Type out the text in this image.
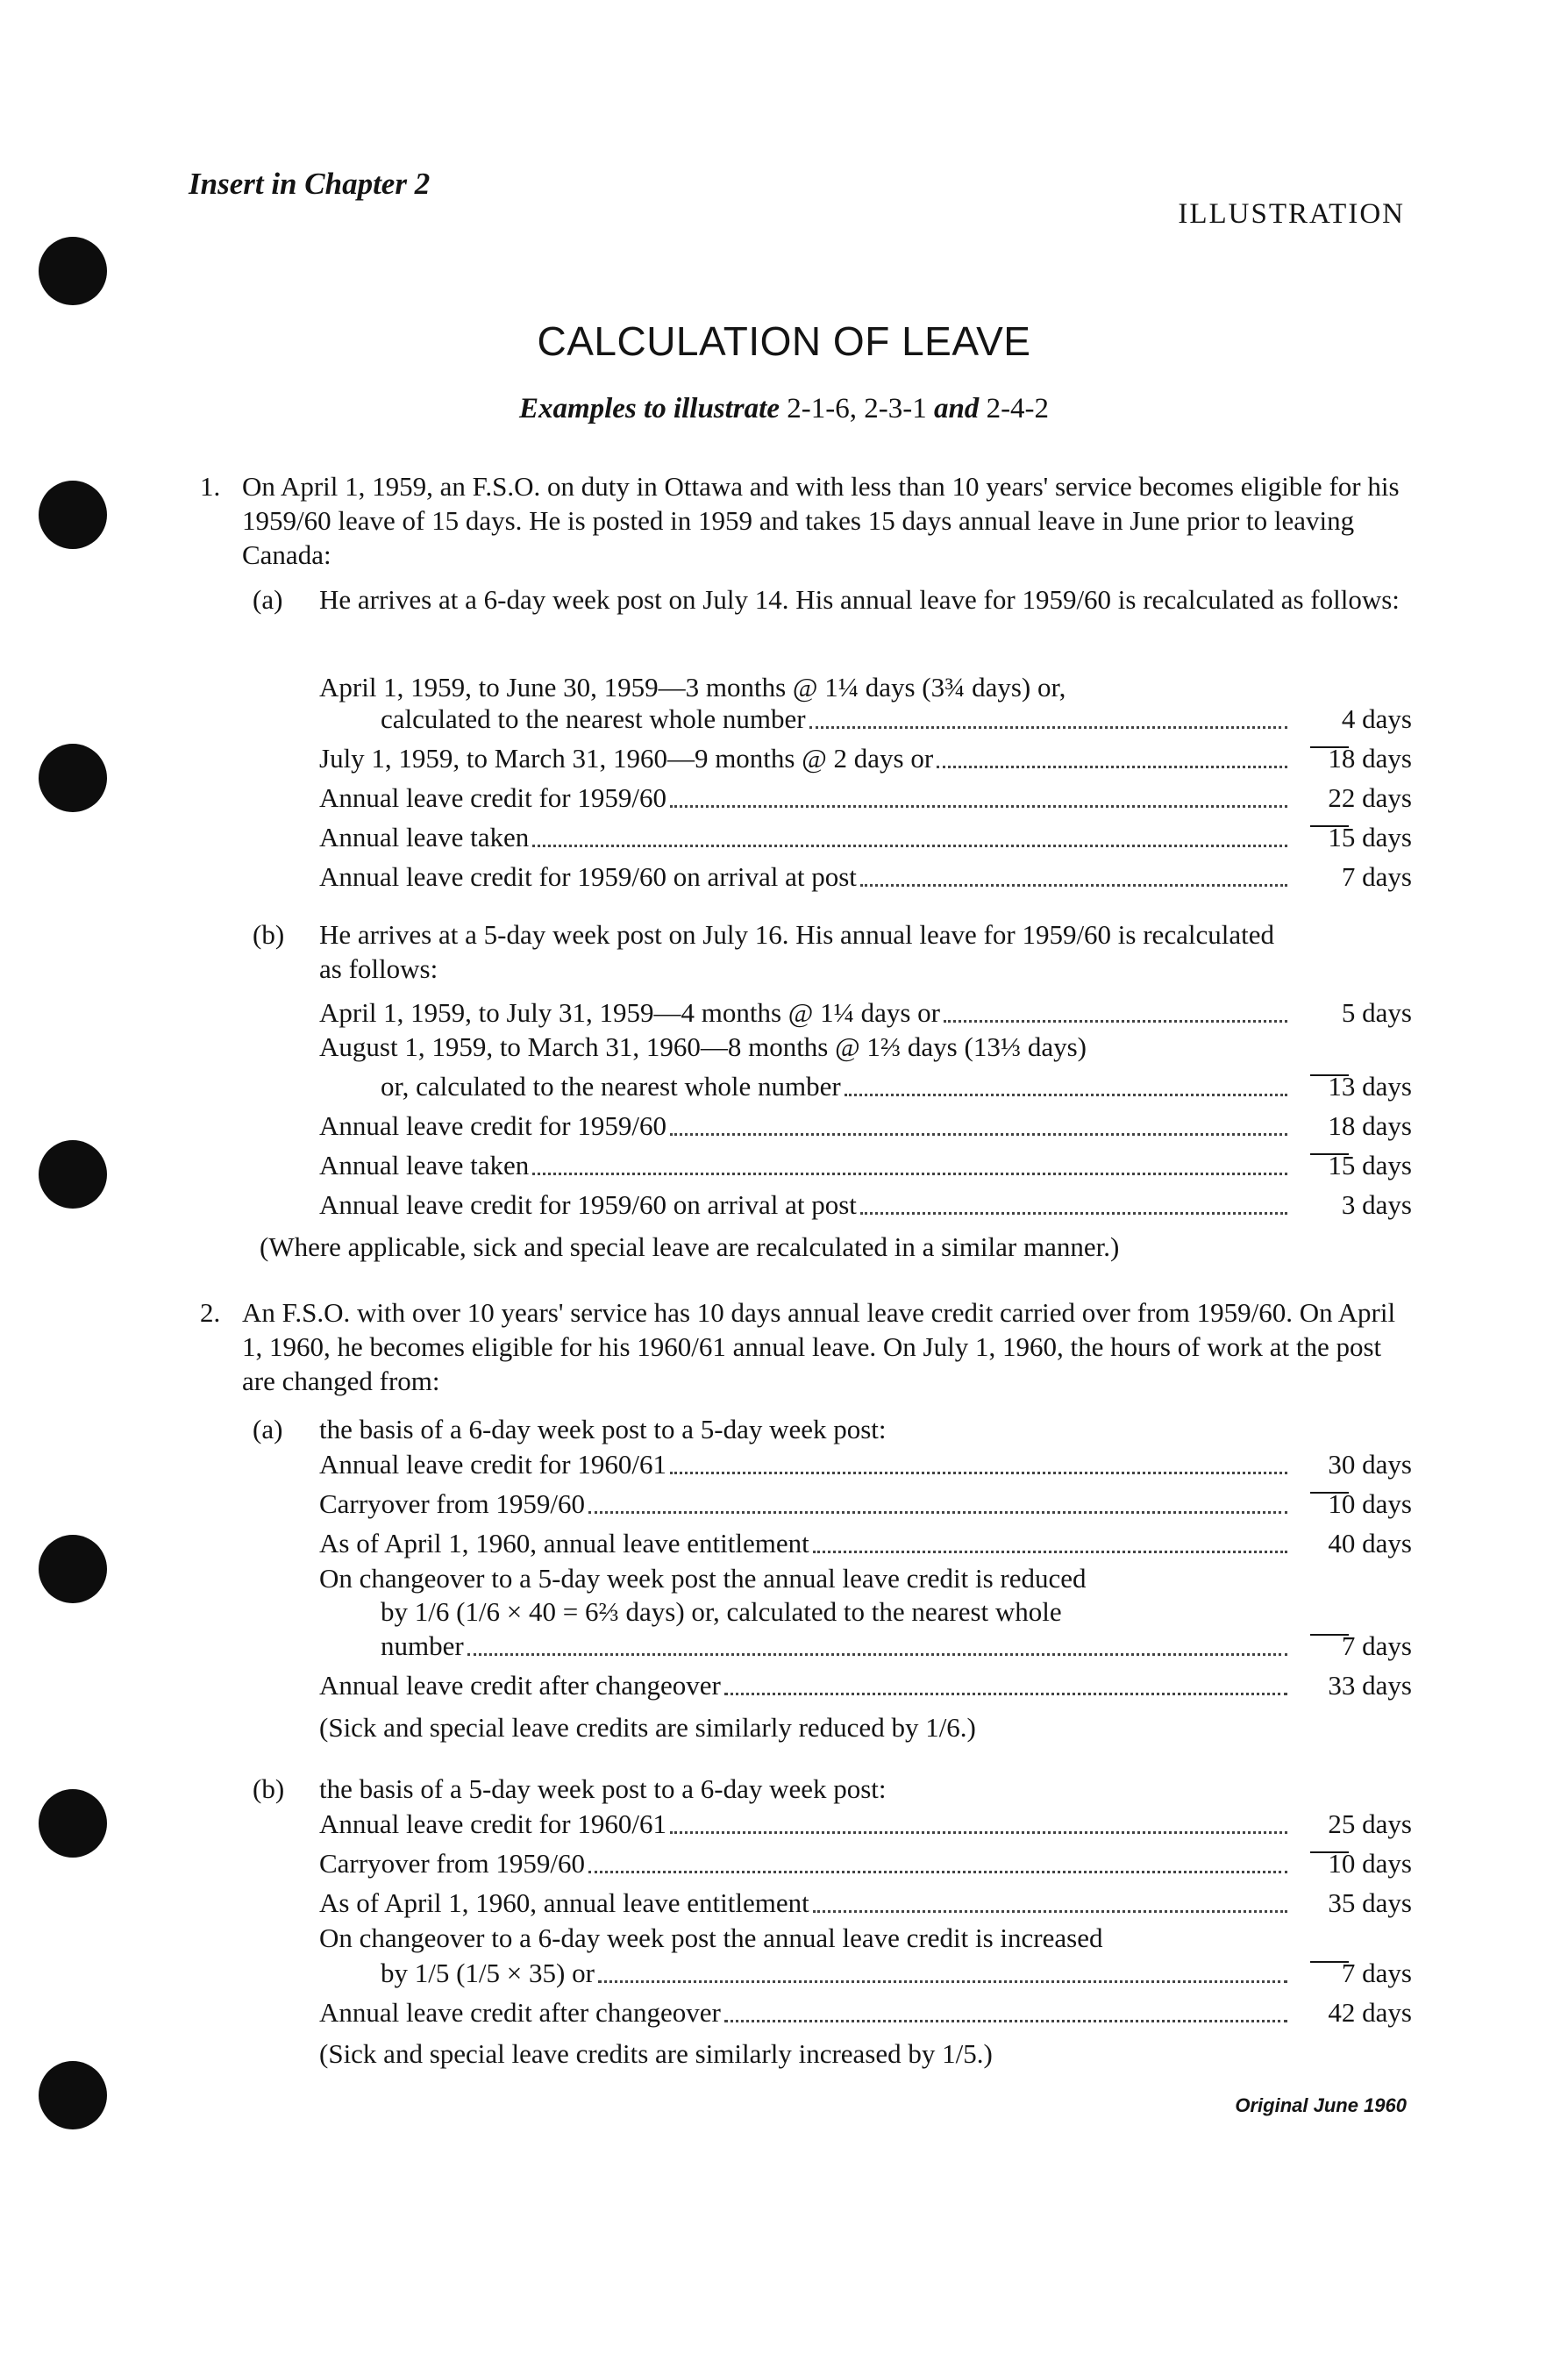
Insert in Chapter 2
ILLUSTRATION
CALCULATION OF LEAVE
Examples to illustrate 2-1-6, 2-3-1 and 2-4-2
1. On April 1, 1959, an F.S.O. on duty in Ottawa and with less than 10 years' service becomes eligible for his 1959/60 leave of 15 days. He is posted in 1959 and takes 15 days annual leave in June prior to leaving Canada:
(a) He arrives at a 6-day week post on July 14. His annual leave for 1959/60 is recalculated as follows:
April 1, 1959, to June 30, 1959—3 months @ 1¼ days (3¾ days) or,
calculated to the nearest whole number	4 days
July 1, 1959, to March 31, 1960—9 months @ 2 days or	18 days
Annual leave credit for 1959/60	22 days
Annual leave taken	15 days
Annual leave credit for 1959/60 on arrival at post	7 days
(b) He arrives at a 5-day week post on July 16. His annual leave for 1959/60 is recalculated as follows:
April 1, 1959, to July 31, 1959—4 months @ 1¼ days or	5 days
August 1, 1959, to March 31, 1960—8 months @ 1⅔ days (13⅓ days)
or, calculated to the nearest whole number	13 days
Annual leave credit for 1959/60	18 days
Annual leave taken	15 days
Annual leave credit for 1959/60 on arrival at post	3 days
(Where applicable, sick and special leave are recalculated in a similar manner.)
2. An F.S.O. with over 10 years' service has 10 days annual leave credit carried over from 1959/60. On April 1, 1960, he becomes eligible for his 1960/61 annual leave. On July 1, 1960, the hours of work at the post are changed from:
(a) the basis of a 6-day week post to a 5-day week post:
Annual leave credit for 1960/61	30 days
Carryover from 1959/60	10 days
As of April 1, 1960, annual leave entitlement	40 days
On changeover to a 5-day week post the annual leave credit is reduced
by 1/6 (1/6 × 40 = 6⅔ days) or, calculated to the nearest whole
number	7 days
Annual leave credit after changeover	33 days
(Sick and special leave credits are similarly reduced by 1/6.)
(b) the basis of a 5-day week post to a 6-day week post:
Annual leave credit for 1960/61	25 days
Carryover from 1959/60	10 days
As of April 1, 1960, annual leave entitlement	35 days
On changeover to a 6-day week post the annual leave credit is increased
by 1/5 (1/5 × 35) or	7 days
Annual leave credit after changeover	42 days
(Sick and special leave credits are similarly increased by 1/5.)
Original June 1960
